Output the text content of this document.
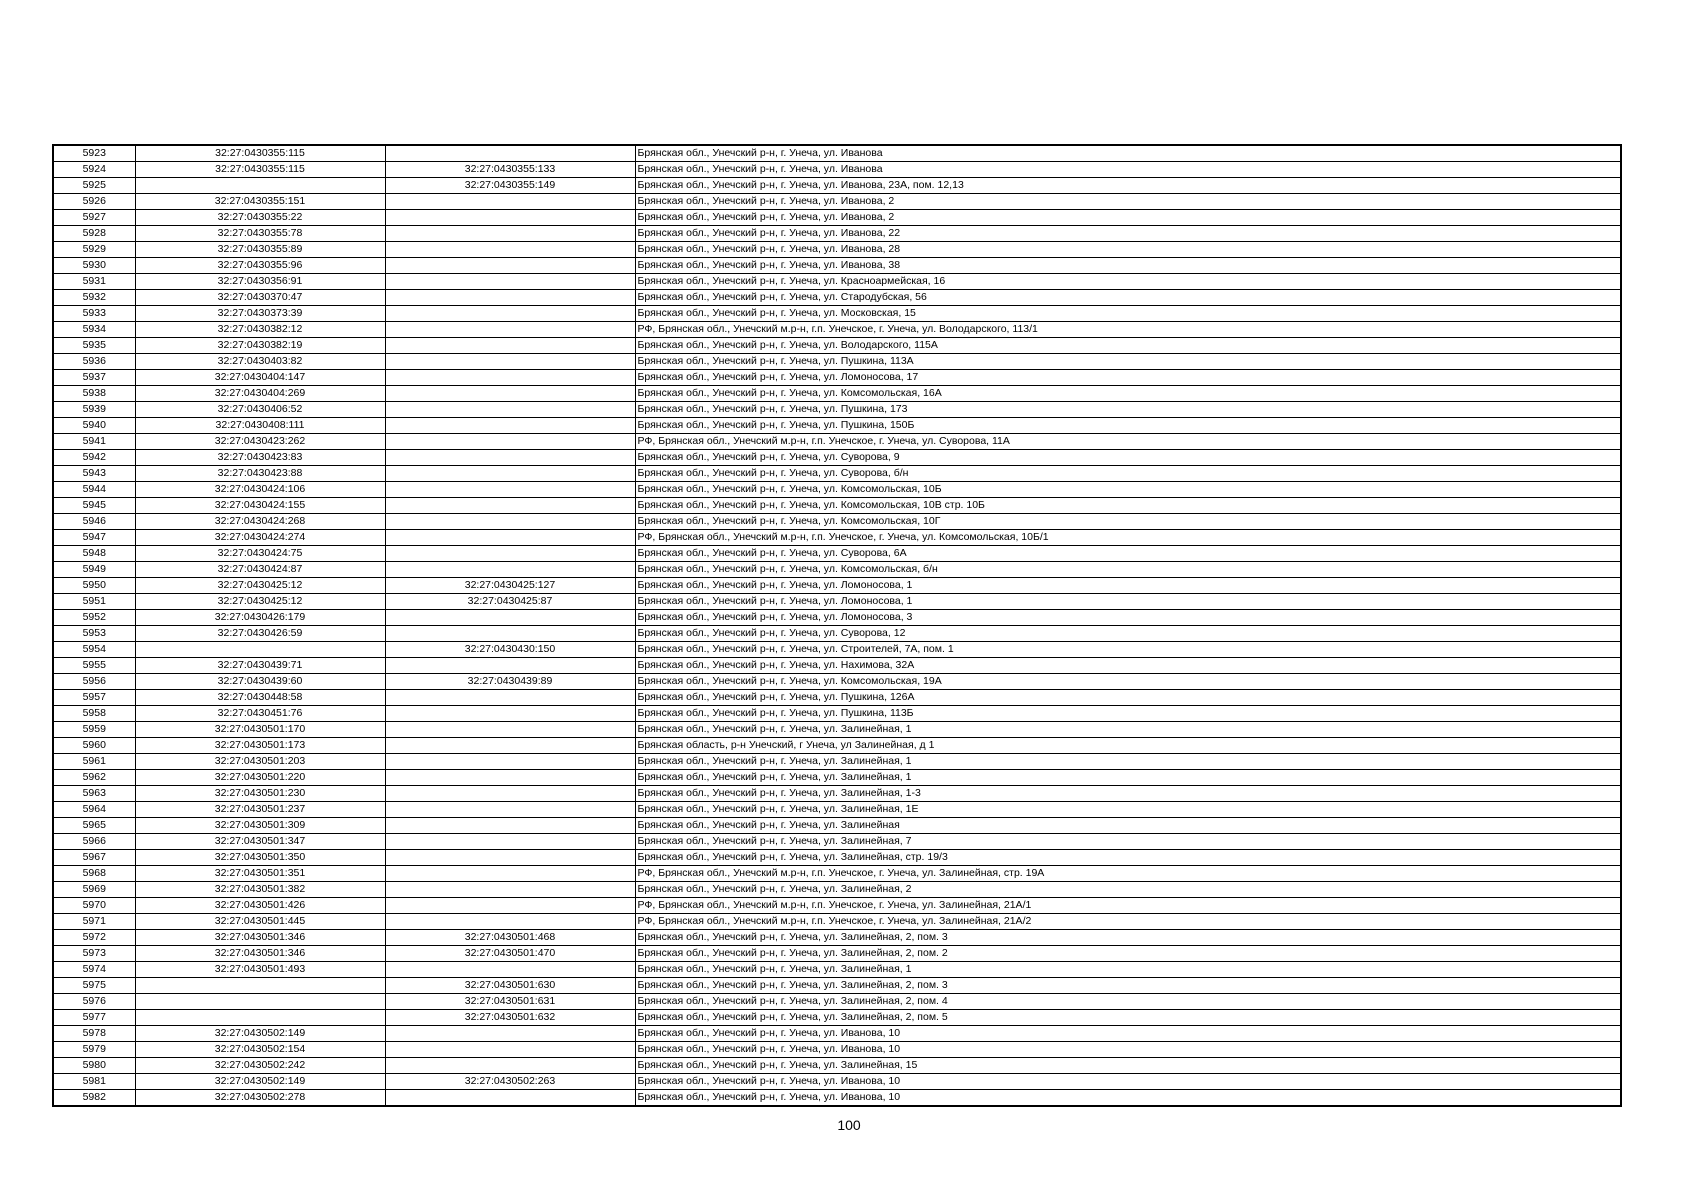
5923	32:27:0430355:115		Брянская обл., Унечский р-н, г. Унеча, ул. Иванова
5924	32:27:0430355:115	32:27:0430355:133	Брянская обл., Унечский р-н, г. Унеча, ул. Иванова
5925		32:27:0430355:149	Брянская обл., Унечский р-н, г. Унеча, ул. Иванова, 23А, пом. 12,13
5926	32:27:0430355:151		Брянская обл., Унечский р-н, г. Унеча, ул. Иванова, 2
5927	32:27:0430355:22		Брянская обл., Унечский р-н, г. Унеча, ул. Иванова, 2
5928	32:27:0430355:78		Брянская обл., Унечский р-н, г. Унеча, ул. Иванова, 22
5929	32:27:0430355:89		Брянская обл., Унечский р-н, г. Унеча, ул. Иванова, 28
5930	32:27:0430355:96		Брянская обл., Унечский р-н, г. Унеча, ул. Иванова, 38
5931	32:27:0430356:91		Брянская обл., Унечский р-н, г. Унеча, ул. Красноармейская, 16
5932	32:27:0430370:47		Брянская обл., Унечский р-н, г. Унеча, ул. Стародубская, 56
5933	32:27:0430373:39		Брянская обл., Унечский р-н, г. Унеча, ул. Московская, 15
5934	32:27:0430382:12		РФ, Брянская обл., Унечский м.р-н, г.п. Унечское, г. Унеча, ул. Володарского, 113/1
5935	32:27:0430382:19		Брянская обл., Унечский р-н, г. Унеча, ул. Володарского, 115А
5936	32:27:0430403:82		Брянская обл., Унечский р-н, г. Унеча, ул. Пушкина, 113А
5937	32:27:0430404:147		Брянская обл., Унечский р-н, г. Унеча, ул. Ломоносова, 17
5938	32:27:0430404:269		Брянская обл., Унечский р-н, г. Унеча, ул. Комсомольская, 16А
5939	32:27:0430406:52		Брянская обл., Унечский р-н, г. Унеча, ул. Пушкина, 173
5940	32:27:0430408:111		Брянская обл., Унечский р-н, г. Унеча, ул. Пушкина, 150Б
5941	32:27:0430423:262		РФ, Брянская обл., Унечский м.р-н, г.п. Унечское, г. Унеча, ул. Суворова, 11А
5942	32:27:0430423:83		Брянская обл., Унечский р-н, г. Унеча, ул. Суворова, 9
5943	32:27:0430423:88		Брянская обл., Унечский р-н, г. Унеча, ул. Суворова, б/н
5944	32:27:0430424:106		Брянская обл., Унечский р-н, г. Унеча, ул. Комсомольская, 10Б
5945	32:27:0430424:155		Брянская обл., Унечский р-н, г. Унеча, ул. Комсомольская, 10В стр. 10Б
5946	32:27:0430424:268		Брянская обл., Унечский р-н, г. Унеча, ул. Комсомольская, 10Г
5947	32:27:0430424:274		РФ, Брянская обл., Унечский м.р-н, г.п. Унечское, г. Унеча, ул. Комсомольская, 10Б/1
5948	32:27:0430424:75		Брянская обл., Унечский р-н, г. Унеча, ул. Суворова, 6А
5949	32:27:0430424:87		Брянская обл., Унечский р-н, г. Унеча, ул. Комсомольская, б/н
5950	32:27:0430425:12	32:27:0430425:127	Брянская обл., Унечский р-н, г. Унеча, ул. Ломоносова, 1
5951	32:27:0430425:12	32:27:0430425:87	Брянская обл., Унечский р-н, г. Унеча, ул. Ломоносова, 1
5952	32:27:0430426:179		Брянская обл., Унечский р-н, г. Унеча, ул. Ломоносова, 3
5953	32:27:0430426:59		Брянская обл., Унечский р-н, г. Унеча, ул. Суворова, 12
5954		32:27:0430430:150	Брянская обл., Унечский р-н, г. Унеча, ул. Строителей, 7А, пом. 1
5955	32:27:0430439:71		Брянская обл., Унечский р-н, г. Унеча, ул. Нахимова, 32А
5956	32:27:0430439:60	32:27:0430439:89	Брянская обл., Унечский р-н, г. Унеча, ул. Комсомольская, 19А
5957	32:27:0430448:58		Брянская обл., Унечский р-н, г. Унеча, ул. Пушкина, 126А
5958	32:27:0430451:76		Брянская обл., Унечский р-н, г. Унеча, ул. Пушкина, 113Б
5959	32:27:0430501:170		Брянская обл., Унечский р-н, г. Унеча, ул. Залинейная, 1
5960	32:27:0430501:173		Брянская область, р-н Унечский, г Унеча, ул Залинейная, д 1
5961	32:27:0430501:203		Брянская обл., Унечский р-н, г. Унеча, ул. Залинейная, 1
5962	32:27:0430501:220		Брянская обл., Унечский р-н, г. Унеча, ул. Залинейная, 1
5963	32:27:0430501:230		Брянская обл., Унечский р-н, г. Унеча, ул. Залинейная, 1-3
5964	32:27:0430501:237		Брянская обл., Унечский р-н, г. Унеча, ул. Залинейная, 1Е
5965	32:27:0430501:309		Брянская обл., Унечский р-н, г. Унеча, ул. Залинейная
5966	32:27:0430501:347		Брянская обл., Унечский р-н, г. Унеча, ул. Залинейная, 7
5967	32:27:0430501:350		Брянская обл., Унечский р-н, г. Унеча, ул. Залинейная, стр. 19/3
5968	32:27:0430501:351		РФ, Брянская обл., Унечский м.р-н, г.п. Унечское, г. Унеча, ул. Залинейная, стр. 19А
5969	32:27:0430501:382		Брянская обл., Унечский р-н, г. Унеча, ул. Залинейная, 2
5970	32:27:0430501:426		РФ, Брянская обл., Унечский м.р-н, г.п. Унечское, г. Унеча, ул. Залинейная, 21А/1
5971	32:27:0430501:445		РФ, Брянская обл., Унечский м.р-н, г.п. Унечское, г. Унеча, ул. Залинейная, 21А/2
5972	32:27:0430501:346	32:27:0430501:468	Брянская обл., Унечский р-н, г. Унеча, ул. Залинейная, 2, пом. 3
5973	32:27:0430501:346	32:27:0430501:470	Брянская обл., Унечский р-н, г. Унеча, ул. Залинейная, 2, пом. 2
5974	32:27:0430501:493		Брянская обл., Унечский р-н, г. Унеча, ул. Залинейная, 1
5975		32:27:0430501:630	Брянская обл., Унечский р-н, г. Унеча, ул. Залинейная, 2, пом. 3
5976		32:27:0430501:631	Брянская обл., Унечский р-н, г. Унеча, ул. Залинейная, 2, пом. 4
5977		32:27:0430501:632	Брянская обл., Унечский р-н, г. Унеча, ул. Залинейная, 2, пом. 5
5978	32:27:0430502:149		Брянская обл., Унечский р-н, г. Унеча, ул. Иванова, 10
5979	32:27:0430502:154		Брянская обл., Унечский р-н, г. Унеча, ул. Иванова, 10
5980	32:27:0430502:242		Брянская обл., Унечский р-н, г. Унеча, ул. Залинейная, 15
5981	32:27:0430502:149	32:27:0430502:263	Брянская обл., Унечский р-н, г. Унеча, ул. Иванова, 10
5982	32:27:0430502:278		Брянская обл., Унечский р-н, г. Унеча, ул. Иванова, 10
100
